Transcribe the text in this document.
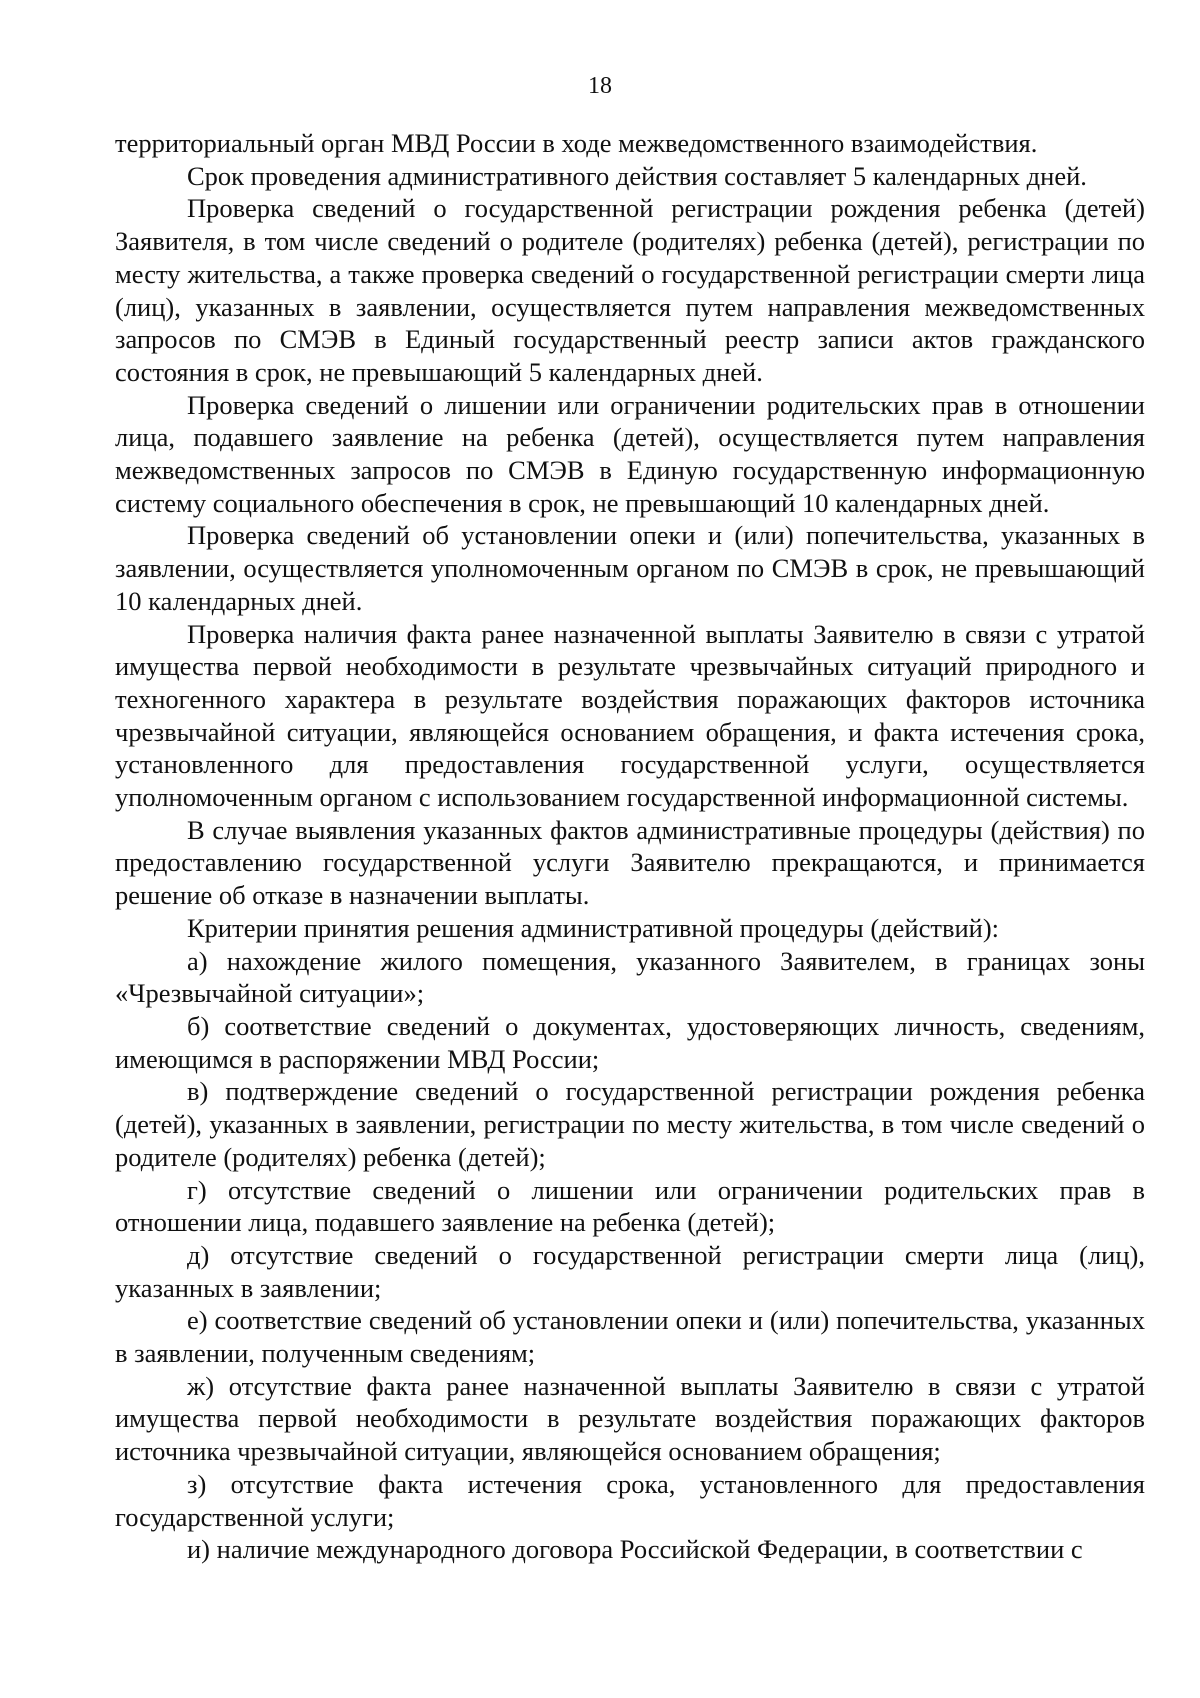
18

территориальный орган МВД России в ходе межведомственного взаимодействия.

Срок проведения административного действия составляет 5 календарных дней.

Проверка сведений о государственной регистрации рождения ребенка (детей) Заявителя, в том числе сведений о родителе (родителях) ребенка (детей), регистрации по месту жительства, а также проверка сведений о государственной регистрации смерти лица (лиц), указанных в заявлении, осуществляется путем направления межведомственных запросов по СМЭВ в Единый государственный реестр записи актов гражданского состояния в срок, не превышающий 5 календарных дней.

Проверка сведений о лишении или ограничении родительских прав в отношении лица, подавшего заявление на ребенка (детей), осуществляется путем направления межведомственных запросов по СМЭВ в Единую государственную информационную систему социального обеспечения в срок, не превышающий 10 календарных дней.

Проверка сведений об установлении опеки и (или) попечительства, указанных в заявлении, осуществляется уполномоченным органом по СМЭВ в срок, не превышающий 10 календарных дней.

Проверка наличия факта ранее назначенной выплаты Заявителю в связи с утратой имущества первой необходимости в результате чрезвычайных ситуаций природного и техногенного характера в результате воздействия поражающих факторов источника чрезвычайной ситуации, являющейся основанием обращения, и факта истечения срока, установленного для предоставления государственной услуги, осуществляется уполномоченным органом с использованием государственной информационной системы.

В случае выявления указанных фактов административные процедуры (действия) по предоставлению государственной услуги Заявителю прекращаются, и принимается решение об отказе в назначении выплаты.

Критерии принятия решения административной процедуры (действий):

а) нахождение жилого помещения, указанного Заявителем, в границах зоны «Чрезвычайной ситуации»;

б) соответствие сведений о документах, удостоверяющих личность, сведениям, имеющимся в распоряжении МВД России;

в) подтверждение сведений о государственной регистрации рождения ребенка (детей), указанных в заявлении, регистрации по месту жительства, в том числе сведений о родителе (родителях) ребенка (детей);

г) отсутствие сведений о лишении или ограничении родительских прав в отношении лица, подавшего заявление на ребенка (детей);

д) отсутствие сведений о государственной регистрации смерти лица (лиц), указанных в заявлении;

е) соответствие сведений об установлении опеки и (или) попечительства, указанных в заявлении, полученным сведениям;

ж) отсутствие факта ранее назначенной выплаты Заявителю в связи с утратой имущества первой необходимости в результате воздействия поражающих факторов источника чрезвычайной ситуации, являющейся основанием обращения;

з) отсутствие факта истечения срока, установленного для предоставления государственной услуги;

и) наличие международного договора Российской Федерации, в соответствии с
